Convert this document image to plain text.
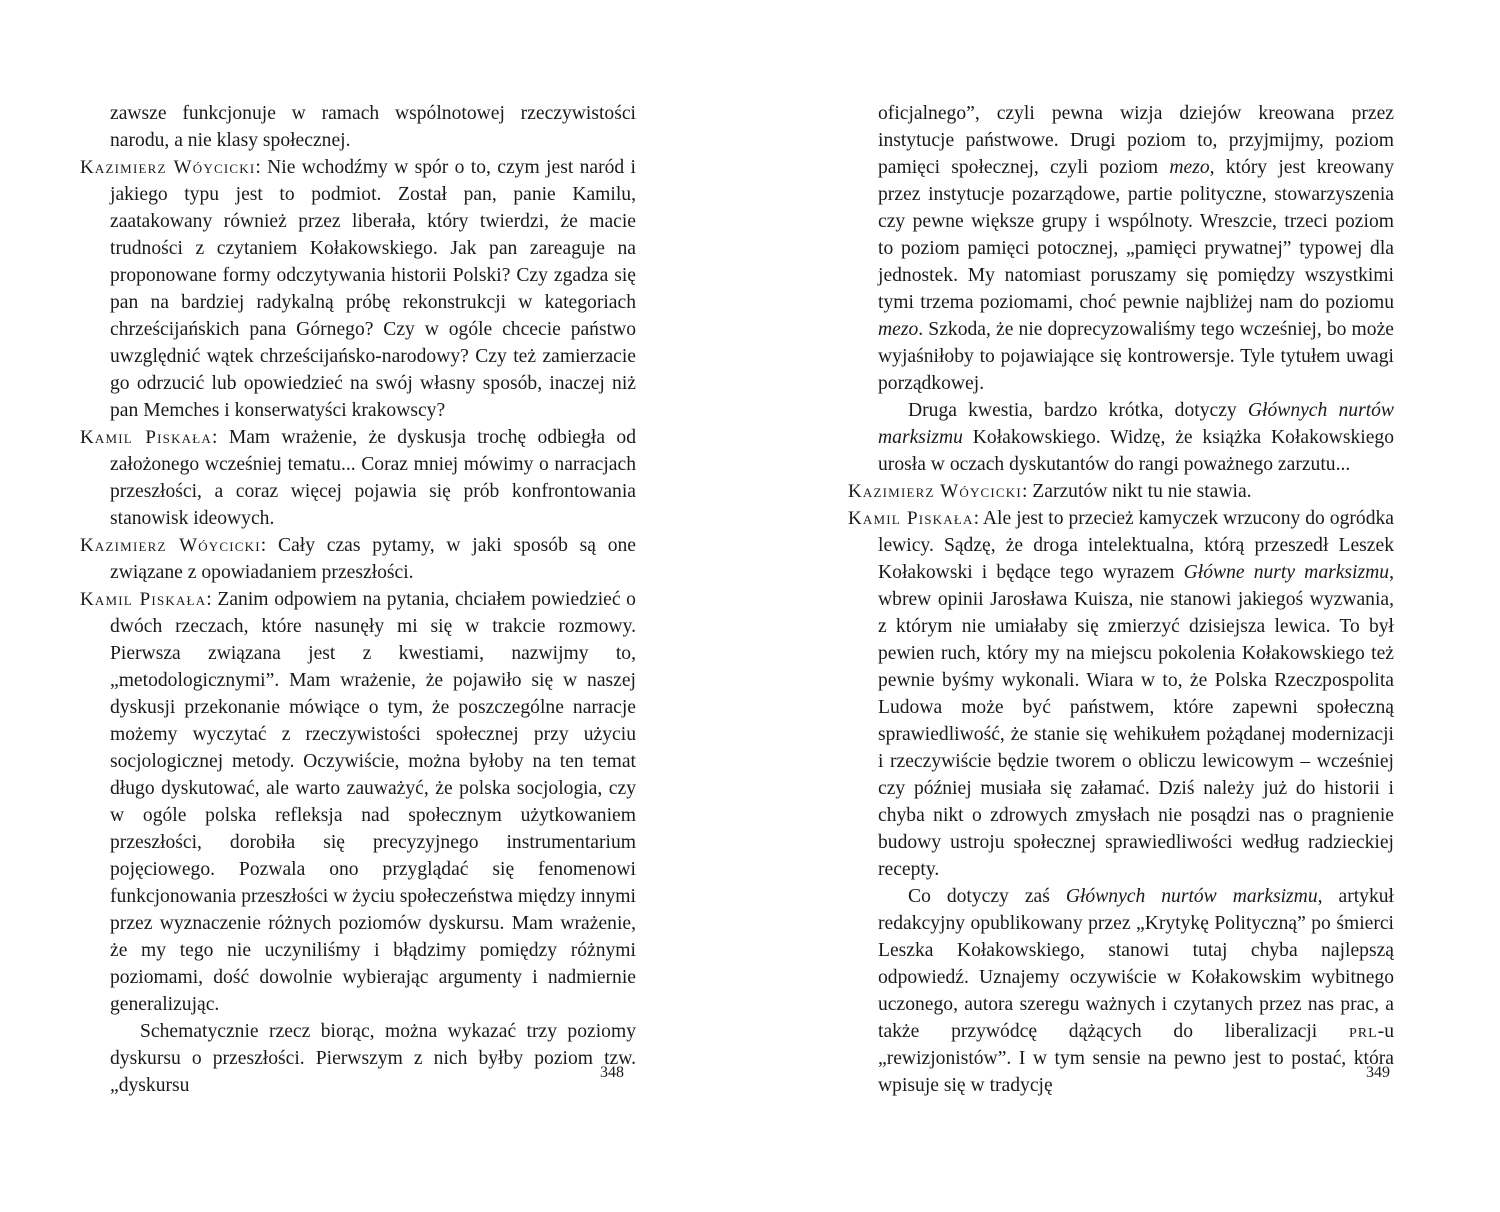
zawsze funkcjonuje w ramach wspólnotowej rzeczywistości narodu, a nie klasy społecznej.

Kazimierz Wóycicki: Nie wchodźmy w spór o to, czym jest naród i jakiego typu jest to podmiot. Został pan, panie Kamilu, zaatakowany również przez liberała, który twierdzi, że macie trudności z czytaniem Kołakowskiego. Jak pan zareaguje na proponowane formy odczytywania historii Polski? Czy zgadza się pan na bardziej radykalną próbę rekonstrukcji w kategoriach chrześcijańskich pana Górnego? Czy w ogóle chcecie państwo uwzględnić wątek chrześcijańsko-narodowy? Czy też zamierzacie go odrzucić lub opowiedzieć na swój własny sposób, inaczej niż pan Memches i konserwatyści krakowscy?

Kamil Piskała: Mam wrażenie, że dyskusja trochę odbiegła od założonego wcześniej tematu... Coraz mniej mówimy o narracjach przeszłości, a coraz więcej pojawia się prób konfrontowania stanowisk ideowych.

Kazimierz Wóycicki: Cały czas pytamy, w jaki sposób są one związane z opowiadaniem przeszłości.

Kamil Piskała: Zanim odpowiem na pytania, chciałem powiedzieć o dwóch rzeczach, które nasunęły mi się w trakcie rozmowy. Pierwsza związana jest z kwestiami, nazwijmy to, „metodologicznymi”. Mam wrażenie, że pojawiło się w naszej dyskusji przekonanie mówiące o tym, że poszczególne narracje możemy wyczytać z rzeczywistości społecznej przy użyciu socjologicznej metody. Oczywiście, można byłoby na ten temat długo dyskutować, ale warto zauważyć, że polska socjologia, czy w ogóle polska refleksja nad społecznym użytkowaniem przeszłości, dorobiła się precyzyjnego instrumentarium pojęciowego. Pozwala ono przyglądać się fenomenowi funkcjonowania przeszłości w życiu społeczeństwa między innymi przez wyznaczenie różnych poziomów dyskursu. Mam wrażenie, że my tego nie uczyniliśmy i błądzimy pomiędzy różnymi poziomami, dość dowolnie wybierając argumenty i nadmiernie generalizując.

Schematycznie rzecz biorąc, można wykazać trzy poziomy dyskursu o przeszłości. Pierwszym z nich byłby poziom tzw. „dyskursu

348

oficjalnego”, czyli pewna wizja dziejów kreowana przez instytucje państwowe. Drugi poziom to, przyjmijmy, poziom pamięci społecznej, czyli poziom mezo, który jest kreowany przez instytucje pozarządowe, partie polityczne, stowarzyszenia czy pewne większe grupy i wspólnoty. Wreszcie, trzeci poziom to poziom pamięci potocznej, „pamięci prywatnej” typowej dla jednostek. My natomiast poruszamy się pomiędzy wszystkimi tymi trzema poziomami, choć pewnie najbliżej nam do poziomu mezo. Szkoda, że nie doprecyzowaliśmy tego wcześniej, bo może wyjaśniłoby to pojawiające się kontrowersje. Tyle tytułem uwagi porządkowej.

Druga kwestia, bardzo krótka, dotyczy Głównych nurtów marksizmu Kołakowskiego. Widzę, że książka Kołakowskiego urosła w oczach dyskutantów do rangi poważnego zarzutu...

Kazimierz Wóycicki: Zarzutów nikt tu nie stawia.

Kamil Piskała: Ale jest to przecież kamyczek wrzucony do ogródka lewicy. Sądzę, że droga intelektualna, którą przeszedł Leszek Kołakowski i będące tego wyrazem Główne nurty marksizmu, wbrew opinii Jarosława Kuisza, nie stanowi jakiegoś wyzwania, z którym nie umiałaby się zmierzyć dzisiejsza lewica. To był pewien ruch, który my na miejscu pokolenia Kołakowskiego też pewnie byśmy wykonali. Wiara w to, że Polska Rzeczpospolita Ludowa może być państwem, które zapewni społeczną sprawiedliwość, że stanie się wehikułem pożądanej modernizacji i rzeczywiście będzie tworem o obliczu lewicowym – wcześniej czy później musiała się załamać. Dziś należy już do historii i chyba nikt o zdrowych zmysłach nie posądzi nas o pragnienie budowy ustroju społecznej sprawiedliwości według radzieckiej recepty.

Co dotyczy zaś Głównych nurtów marksizmu, artykuł redakcyjny opublikowany przez „Krytykę Polityczną” po śmierci Leszka Kołakowskiego, stanowi tutaj chyba najlepszą odpowiedź. Uznajemy oczywiście w Kołakowskim wybitnego uczonego, autora szeregu ważnych i czytanych przez nas prac, a także przywódcę dążących do liberalizacji prl-u „rewizjonistów”. I w tym sensie na pewno jest to postać, która wpisuje się w tradycję

349
